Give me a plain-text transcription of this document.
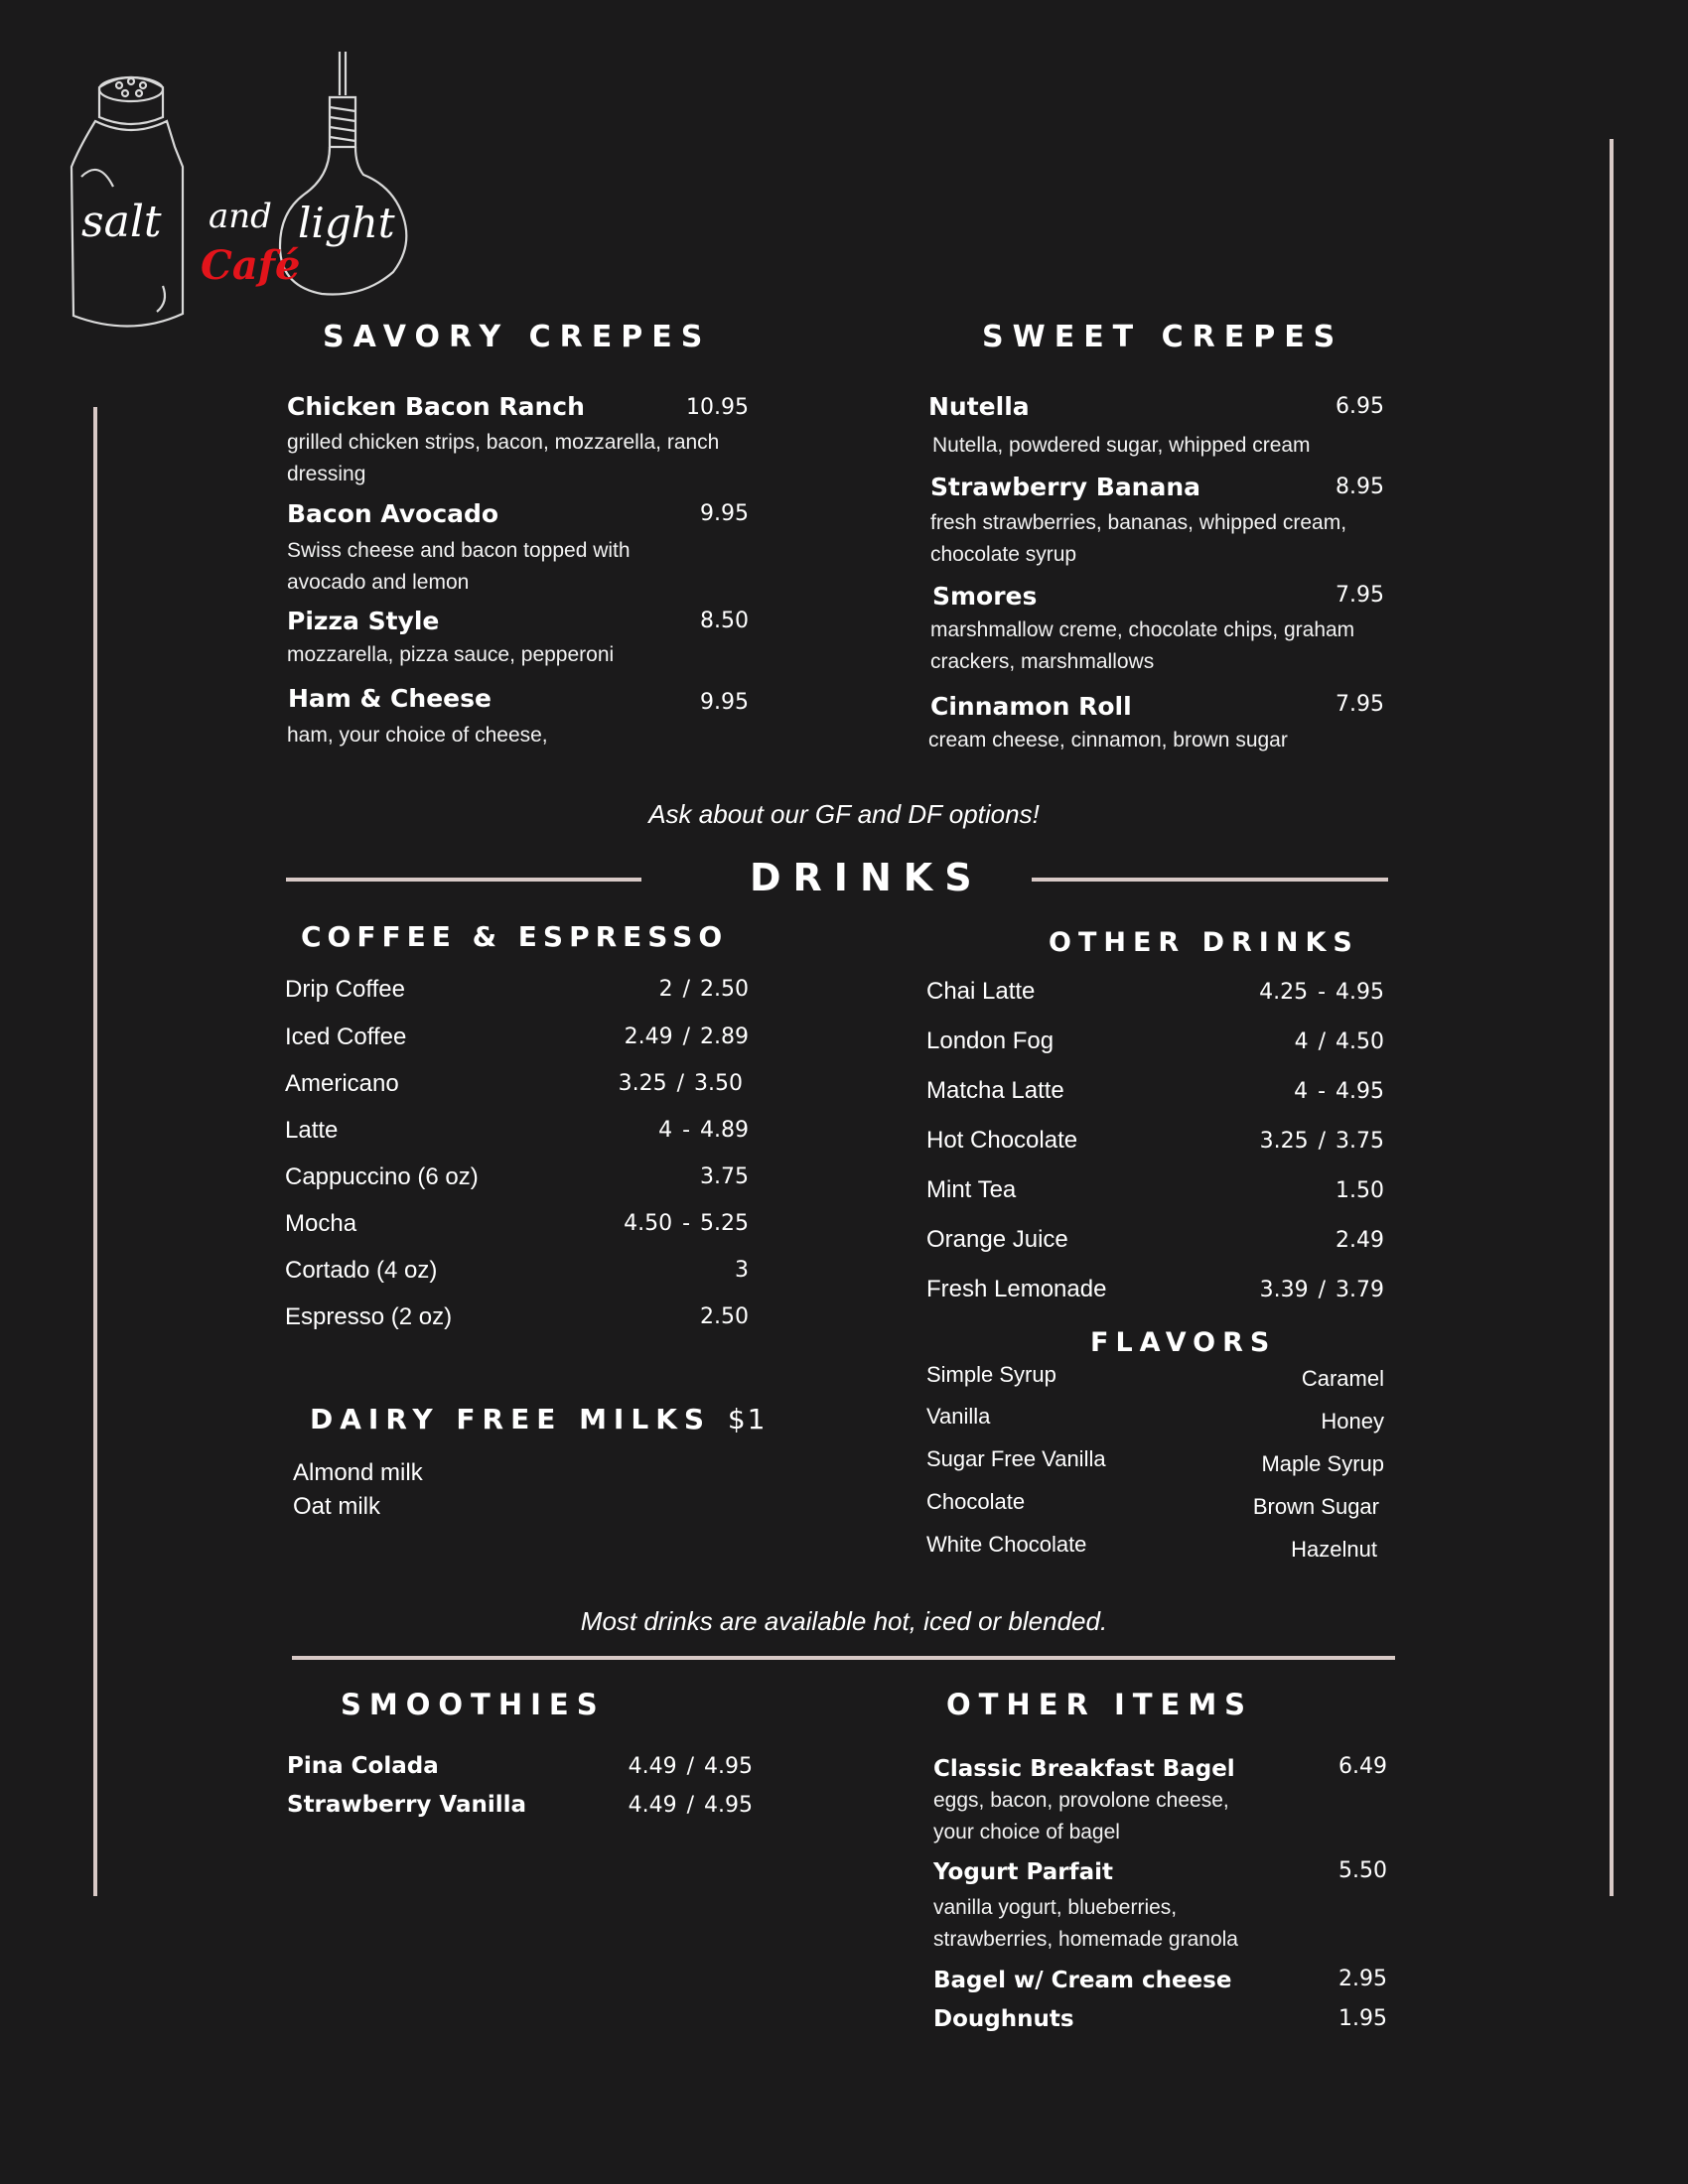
salt and light
Café
SAVORY CREPES
Chicken Bacon Ranch	10.95
grilled chicken strips, bacon, mozzarella, ranch dressing
Bacon Avocado	9.95
Swiss cheese and bacon topped with avocado and lemon
Pizza Style	8.50
mozzarella, pizza sauce, pepperoni
Ham & Cheese	9.95
ham, your choice of cheese,
SWEET CREPES
Nutella	6.95
Nutella, powdered sugar, whipped cream
Strawberry Banana	8.95
fresh strawberries, bananas, whipped cream, chocolate syrup
Smores	7.95
marshmallow creme, chocolate chips, graham crackers, marshmallows
Cinnamon Roll	7.95
cream cheese, cinnamon, brown sugar
Ask about our GF and DF options!
DRINKS
COFFEE & ESPRESSO
Drip Coffee	2 / 2.50
Iced Coffee	2.49 / 2.89
Americano	3.25 / 3.50
Latte	4 - 4.89
Cappuccino (6 oz)	3.75
Mocha	4.50 - 5.25
Cortado (4 oz)	3
Espresso (2 oz)	2.50
DAIRY FREE MILKS $1
Almond milk
Oat milk
OTHER DRINKS
Chai Latte	4.25 - 4.95
London Fog	4 / 4.50
Matcha Latte	4 - 4.95
Hot Chocolate	3.25 / 3.75
Mint Tea	1.50
Orange Juice	2.49
Fresh Lemonade	3.39 / 3.79
FLAVORS
Simple Syrup
Vanilla
Sugar Free Vanilla
Chocolate
White Chocolate
Caramel
Honey
Maple Syrup
Brown Sugar
Hazelnut
Most drinks are available hot, iced or blended.
SMOOTHIES
Pina Colada	4.49 / 4.95
Strawberry Vanilla	4.49 / 4.95
OTHER ITEMS
Classic Breakfast Bagel	6.49
eggs, bacon, provolone cheese, your choice of bagel
Yogurt Parfait	5.50
vanilla yogurt, blueberries, strawberries, homemade granola
Bagel w/ Cream cheese	2.95
Doughnuts	1.95
